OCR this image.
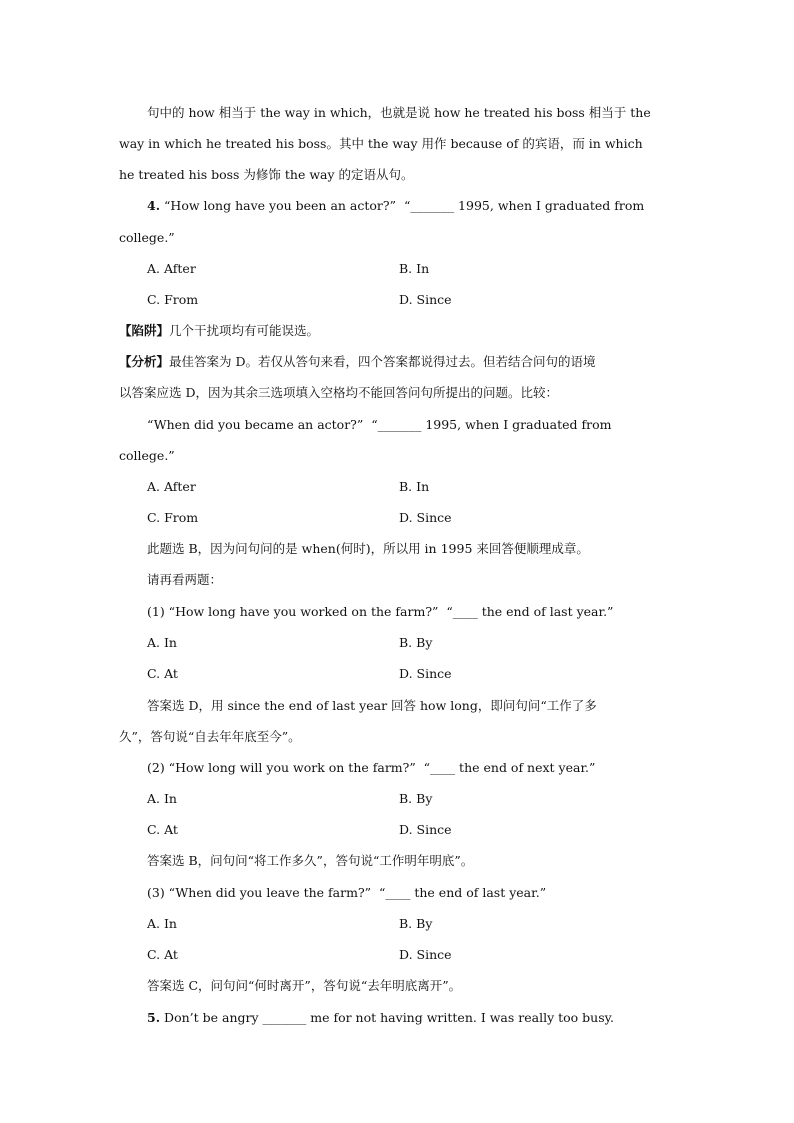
句中的 how 相当于 the way in which，也就是说 how he treated his boss 相当于 the
way in which he treated his boss。其中 the way 用作 because of 的宾语，而 in which
he treated his boss 为修饰 the way 的定语从句。
4. “How long have you been an actor?”  “_______ 1995, when I graduated from
college.”
A. After	B. In
C. From	D. Since
【陷阱】几个干扰项均有可能误选。
【分析】最佳答案为 D。若仅从答句来看，四个答案都说得过去。但若结合问句的语境
以答案应选 D，因为其余三选项填入空格均不能回答问句所提出的问题。比较：
“When did you became an actor?”  “_______ 1995, when I graduated from
college.”
A. After	B. In
C. From	D. Since
此题选 B，因为问句问的是 when(何时)，所以用 in 1995 来回答便顺理成章。
请再看两题：
(1) “How long have you worked on the farm?”  “____ the end of last year.”
A. In	B. By
C. At	D. Since
答案选 D，用 since the end of last year 回答 how long，即问句问“工作了多
久”，答句说“自去年年底至今”。
(2) “How long will you work on the farm?”  “____ the end of next year.”
A. In	B. By
C. At	D. Since
答案选 B，问句问“将工作多久”，答句说“工作明年明底”。
(3) “When did you leave the farm?”  “____ the end of last year.”
A. In	B. By
C. At	D. Since
答案选 C，问句问“何时离开”，答句说“去年明底离开”。
5. Don’t be angry _______ me for not having written. I was really too busy.
